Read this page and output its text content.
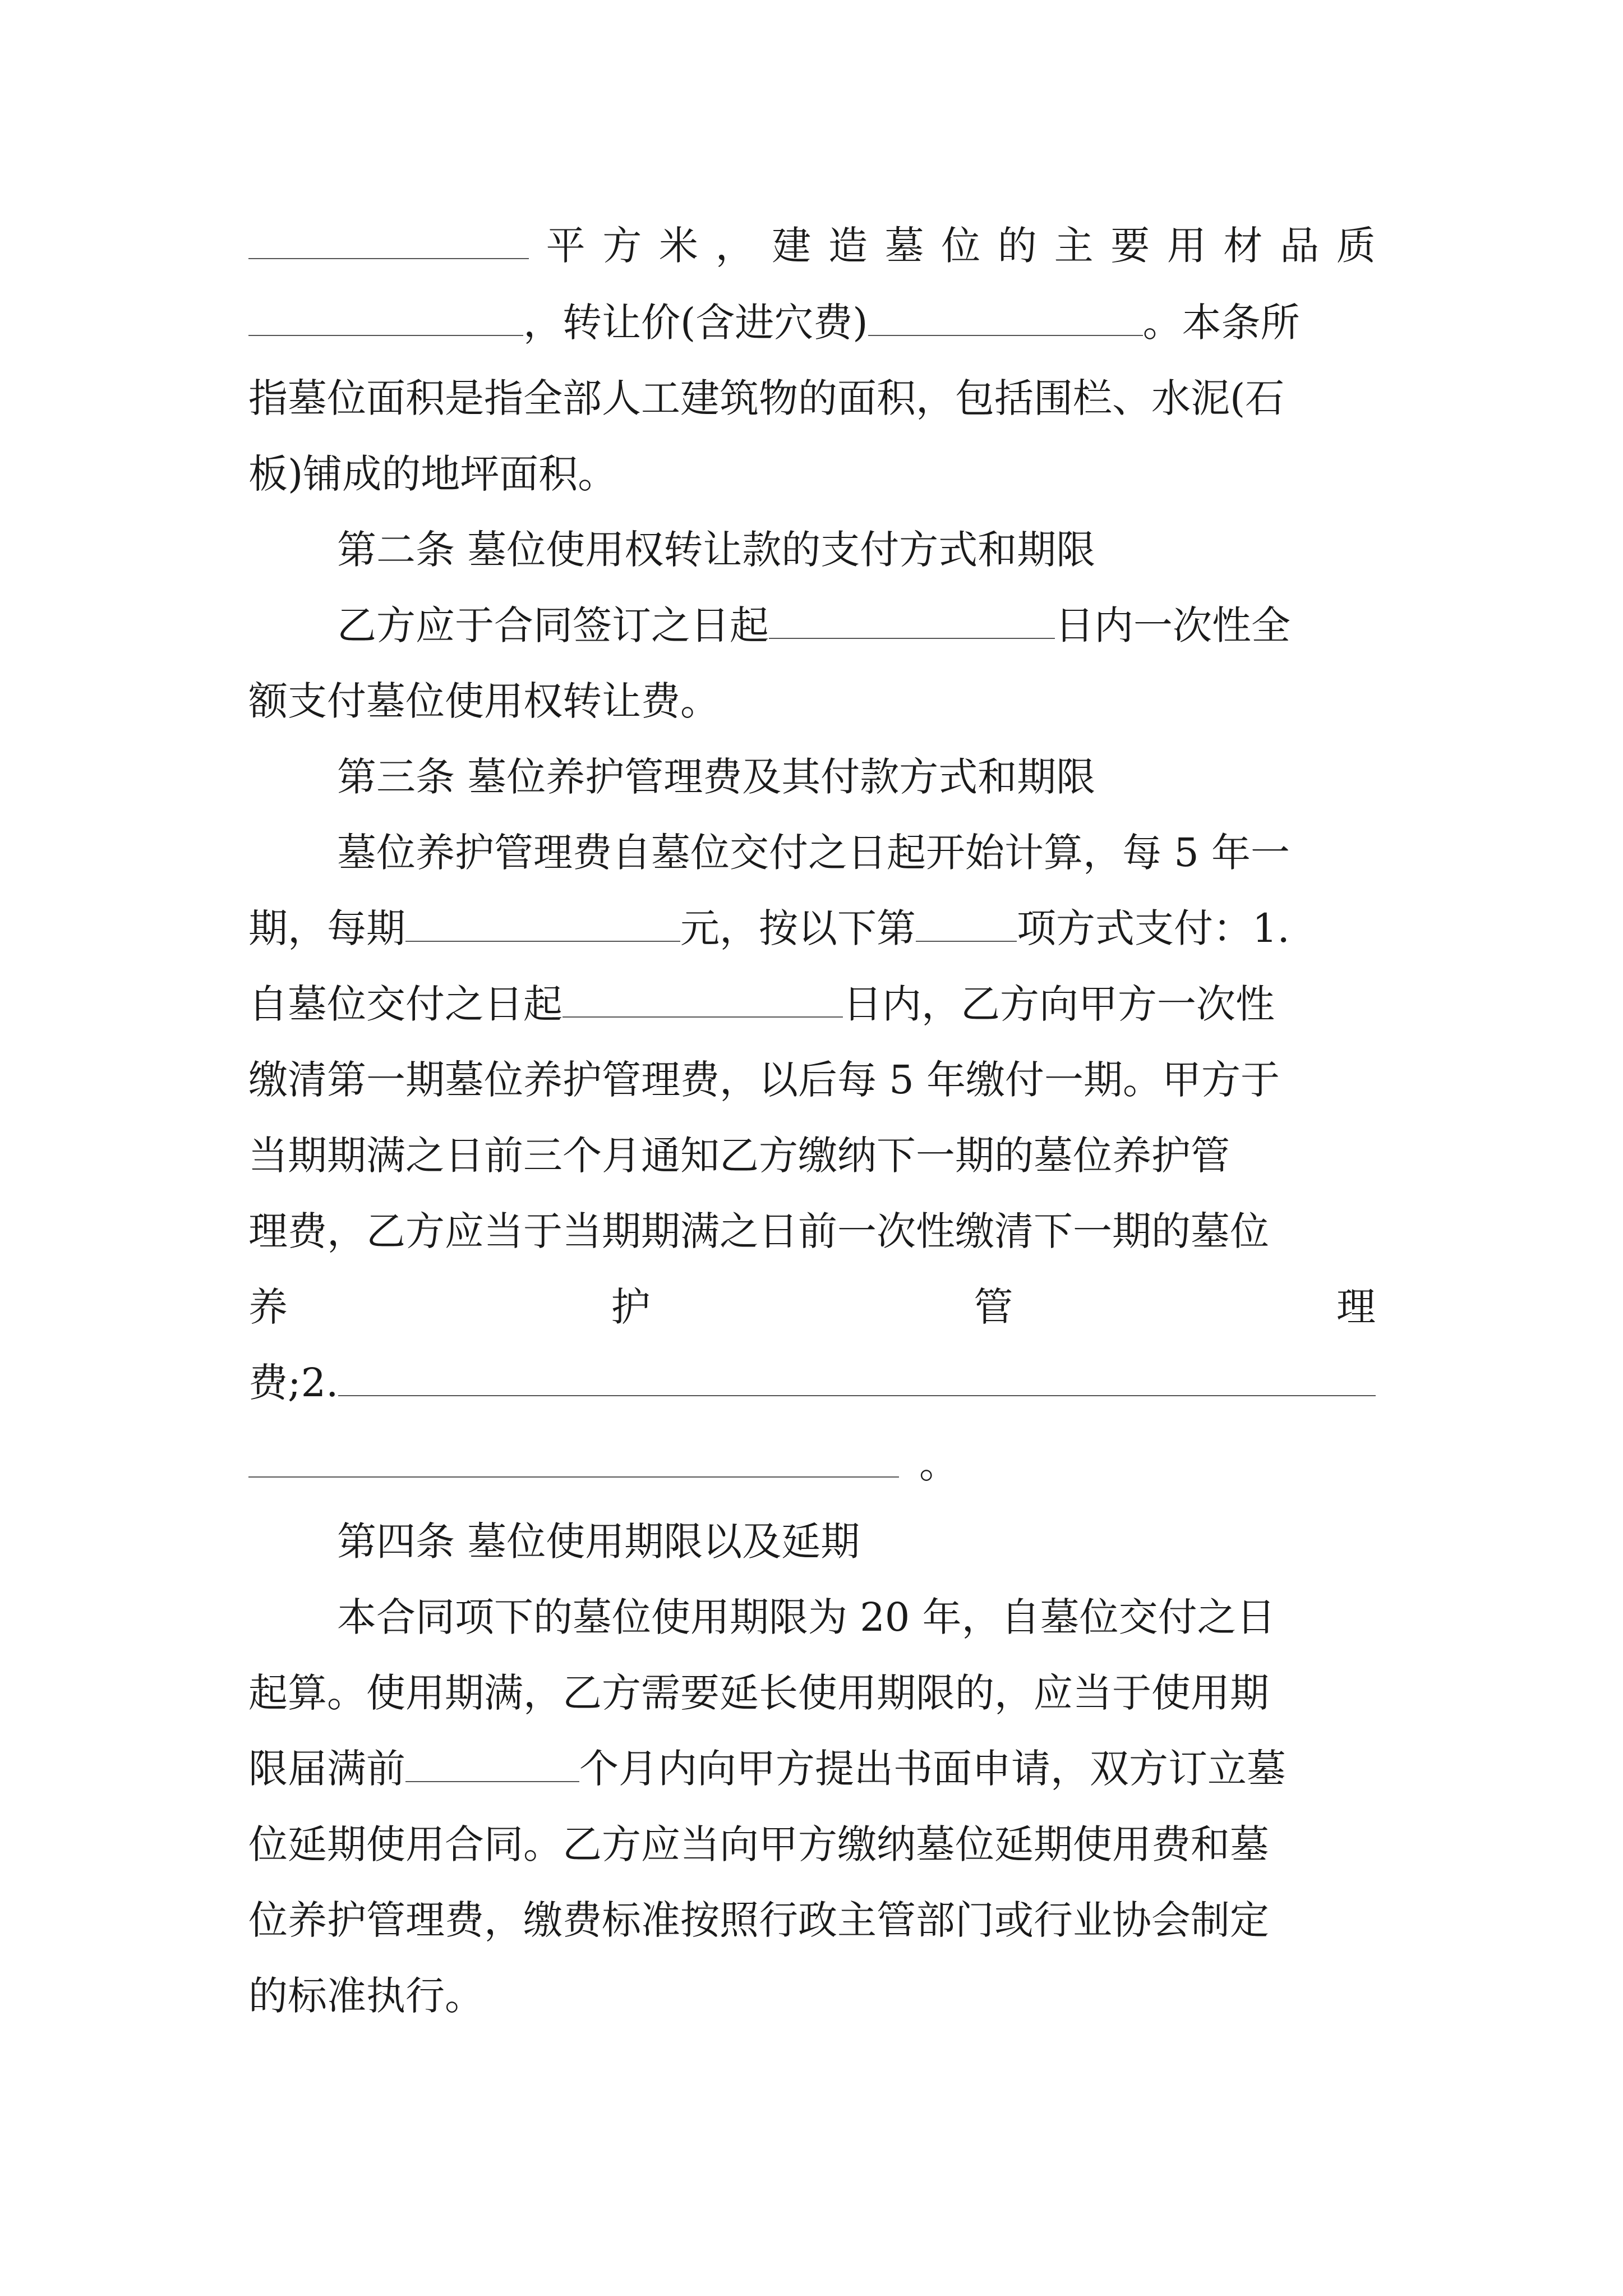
平 方 米 ， 建 造 墓 位 的 主 要 用 材 品 质
，转让价(含进穴费)	。本条所
指墓位面积是指全部人工建筑物的面积，包括围栏、水泥(石
板)铺成的地坪面积。
第二条 墓位使用权转让款的支付方式和期限
乙方应于合同签订之日起	日内一次性全
额支付墓位使用权转让费。
第三条 墓位养护管理费及其付款方式和期限
墓位养护管理费自墓位交付之日起开始计算，每 5 年一
期，每期	元，按以下第	项方式支付：1.
自墓位交付之日起	日内，乙方向甲方一次性
缴清第一期墓位养护管理费，以后每 5 年缴付一期。甲方于
当期期满之日前三个月通知乙方缴纳下一期的墓位养护管
理费，乙方应当于当期期满之日前一次性缴清下一期的墓位
养	护	管	理
费;2.
。
第四条 墓位使用期限以及延期
本合同项下的墓位使用期限为 20 年，自墓位交付之日
起算。使用期满，乙方需要延长使用期限的，应当于使用期
限届满前	个月内向甲方提出书面申请，双方订立墓
位延期使用合同。乙方应当向甲方缴纳墓位延期使用费和墓
位养护管理费，缴费标准按照行政主管部门或行业协会制定
的标准执行。
